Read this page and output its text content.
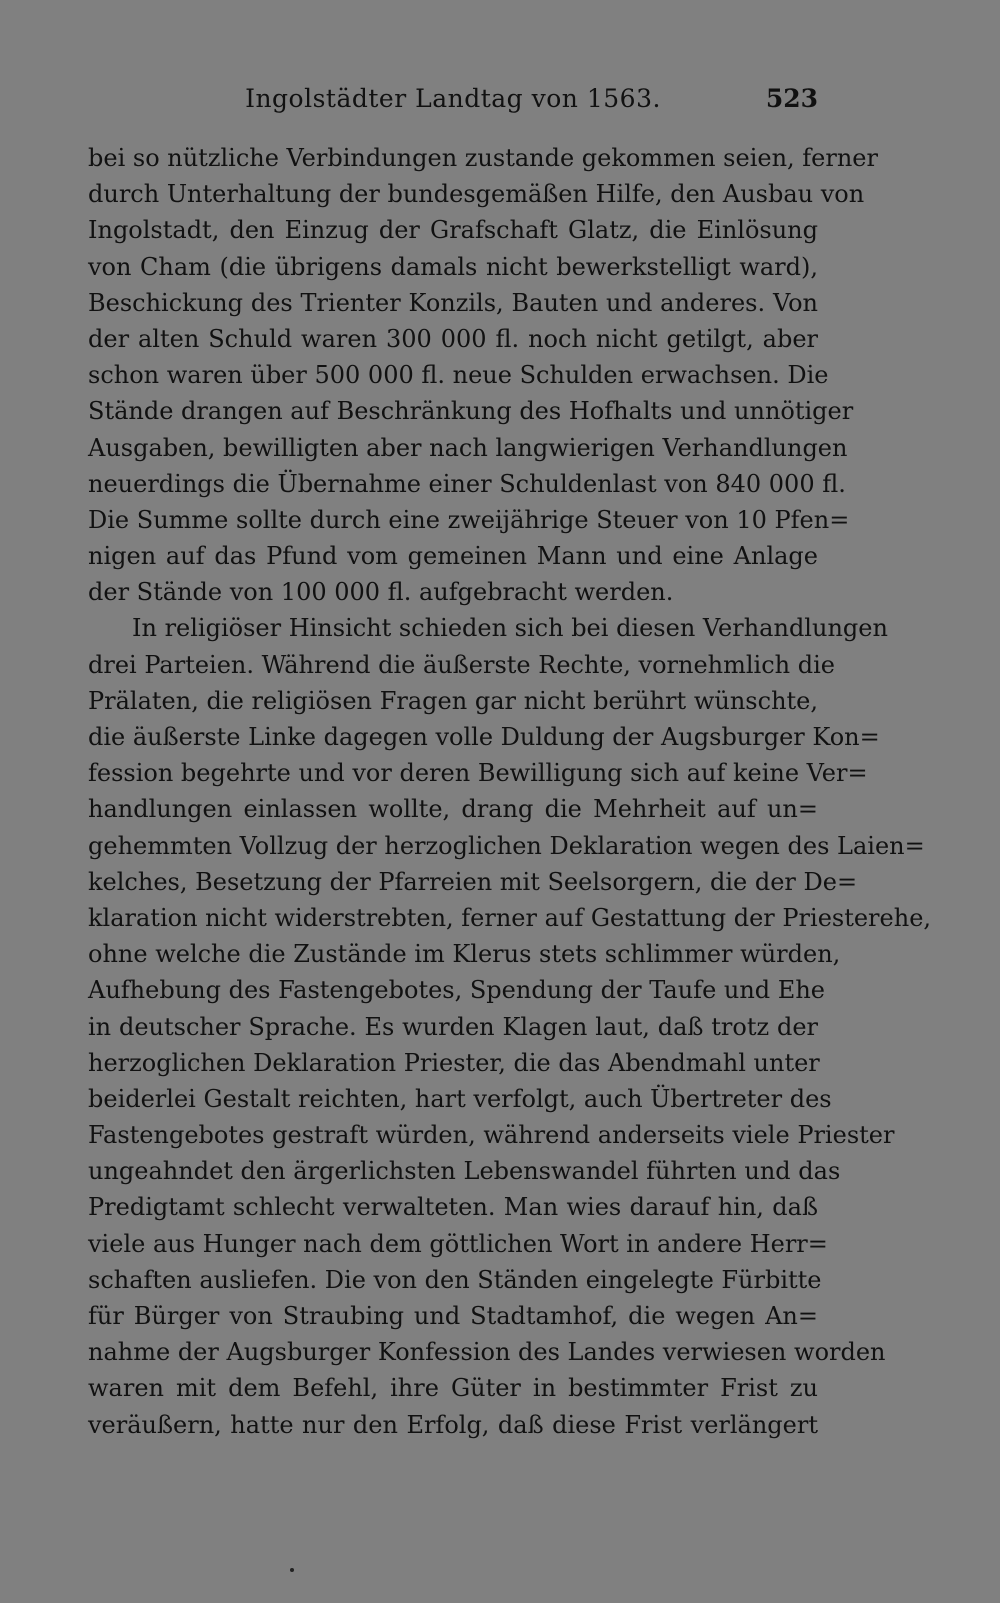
Ingolstädter Landtag von 1563.	523
bei so nützliche Verbindungen zustande gekommen seien, ferner
durch Unterhaltung der bundesgemäßen Hilfe, den Ausbau von
Ingolstadt, den Einzug der Grafschaft Glatz, die Einlösung
von Cham (die übrigens damals nicht bewerkstelligt ward),
Beschickung des Trienter Konzils, Bauten und anderes. Von
der alten Schuld waren 300 000 fl. noch nicht getilgt, aber
schon waren über 500 000 fl. neue Schulden erwachsen. Die
Stände drangen auf Beschränkung des Hofhalts und unnötiger
Ausgaben, bewilligten aber nach langwierigen Verhandlungen
neuerdings die Übernahme einer Schuldenlast von 840 000 fl.
Die Summe sollte durch eine zweijährige Steuer von 10 Pfen=
nigen auf das Pfund vom gemeinen Mann und eine Anlage
der Stände von 100 000 fl. aufgebracht werden.
In religiöser Hinsicht schieden sich bei diesen Verhandlungen
drei Parteien. Während die äußerste Rechte, vornehmlich die
Prälaten, die religiösen Fragen gar nicht berührt wünschte,
die äußerste Linke dagegen volle Duldung der Augsburger Kon=
fession begehrte und vor deren Bewilligung sich auf keine Ver=
handlungen einlassen wollte, drang die Mehrheit auf un=
gehemmten Vollzug der herzoglichen Deklaration wegen des Laien=
kelches, Besetzung der Pfarreien mit Seelsorgern, die der De=
klaration nicht widerstrebten, ferner auf Gestattung der Priesterehe,
ohne welche die Zustände im Klerus stets schlimmer würden,
Aufhebung des Fastengebotes, Spendung der Taufe und Ehe
in deutscher Sprache. Es wurden Klagen laut, daß trotz der
herzoglichen Deklaration Priester, die das Abendmahl unter
beiderlei Gestalt reichten, hart verfolgt, auch Übertreter des
Fastengebotes gestraft würden, während anderseits viele Priester
ungeahndet den ärgerlichsten Lebenswandel führten und das
Predigtamt schlecht verwalteten. Man wies darauf hin, daß
viele aus Hunger nach dem göttlichen Wort in andere Herr=
schaften ausliefen. Die von den Ständen eingelegte Fürbitte
für Bürger von Straubing und Stadtamhof, die wegen An=
nahme der Augsburger Konfession des Landes verwiesen worden
waren mit dem Befehl, ihre Güter in bestimmter Frist zu
veräußern, hatte nur den Erfolg, daß diese Frist verlängert
